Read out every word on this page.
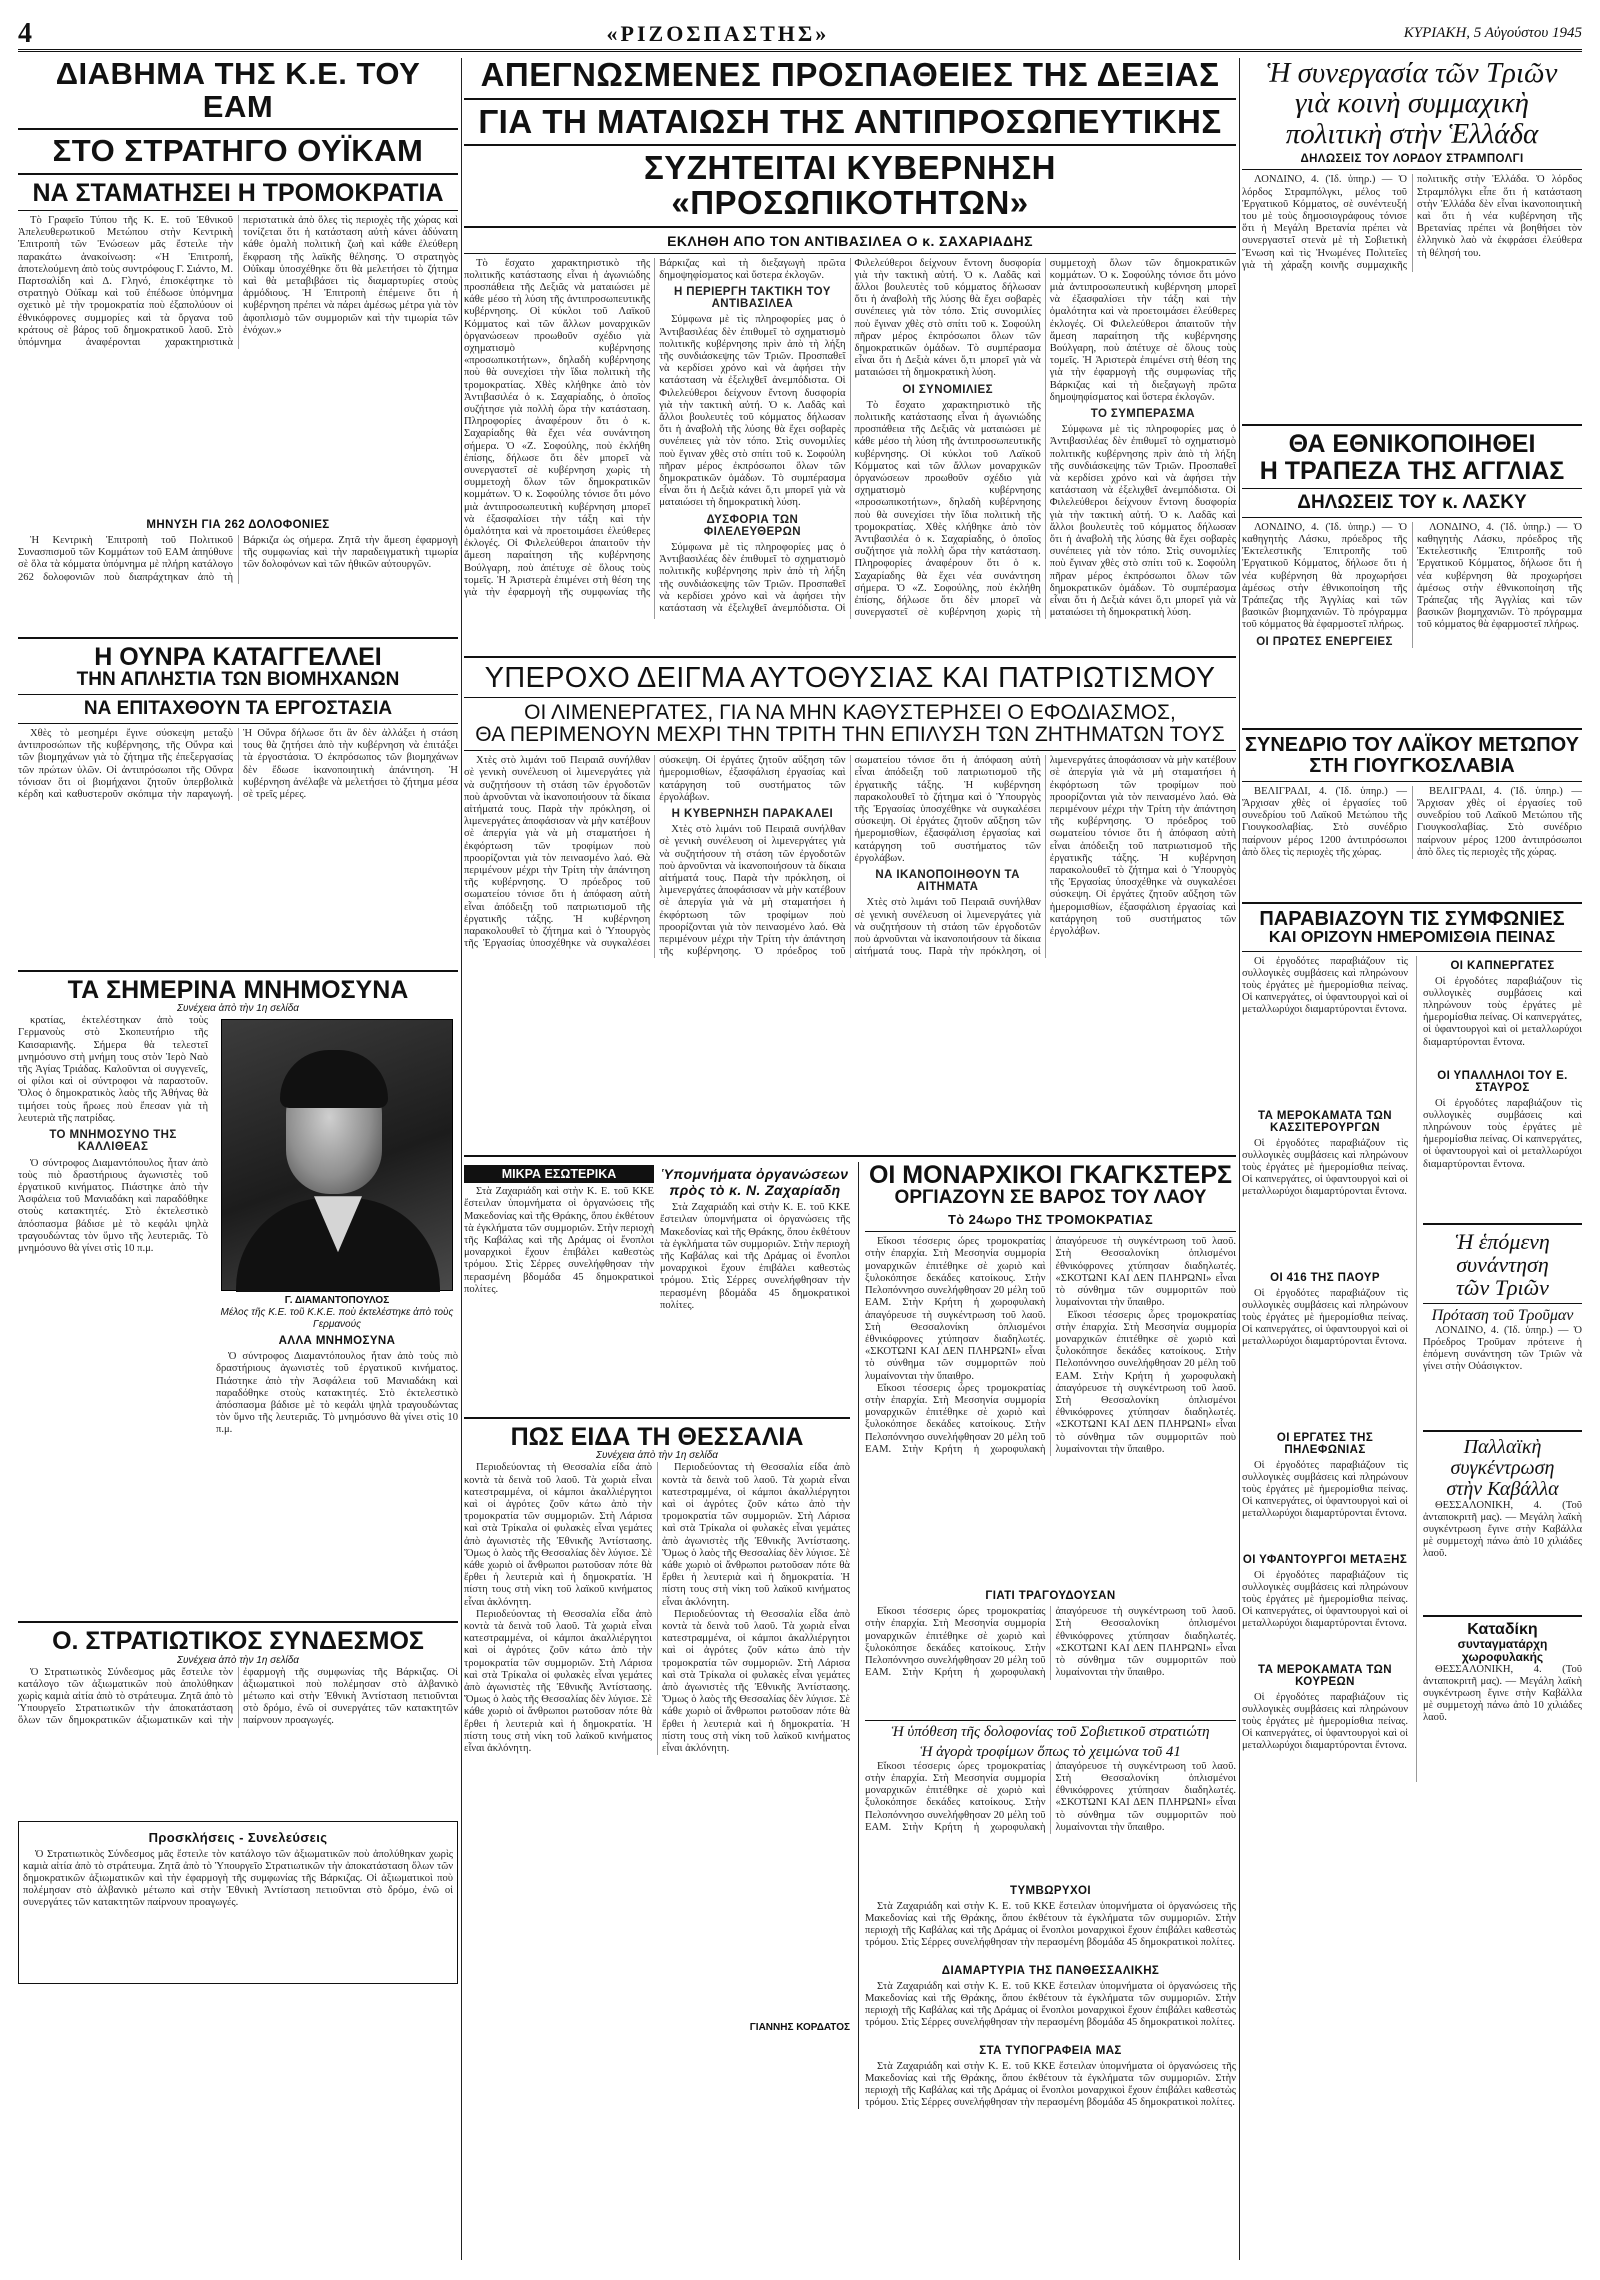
4	«ΡΙΖΟΣΠΑΣΤΗΣ»	ΚΥΡΙΑΚΗ, 5 Αὐγούστου 1945
ΔΙΑΒΗΜΑ ΤΗΣ Κ.Ε. ΤΟΥ ΕΑΜ
ΣΤΟ ΣΤΡΑΤΗΓΟ ΟΥΪΚΑΜ
ΝΑ ΣΤΑΜΑΤΗΣΕΙ Η ΤΡΟΜΟΚΡΑΤΙΑ

Τὸ Γραφεῖο Τύπου τῆς Κ. Ε. τοῦ Ἐθνικοῦ Ἀπελευθερωτικοῦ Μετώπου στὴν Κεντρικὴ Ἐπιτροπὴ τῶν Ἐνώσεων μᾶς ἔστειλε τὴν παρακάτω ἀνακοίνωση: «Ἡ Ἐπιτροπή, ἀποτελούμενη ἀπὸ τοὺς συντρόφους Γ. Σιάντο, Μ. Παρτσαλίδη καὶ Δ. Γληνό, ἐπισκέφτηκε τὸ στρατηγὸ Οὐΐκαμ καὶ τοῦ ἐπέδωσε ὑπόμνημα σχετικὸ μὲ τὴν τρομοκρατία ποὺ ἐξαπολύουν οἱ ἐθνικόφρονες συμμορίες καὶ τὰ ὄργανα τοῦ κράτους σὲ βάρος τοῦ δημοκρατικοῦ λαοῦ. Στὸ ὑπόμνημα ἀναφέρονται χαρακτηριστικὰ περιστατικὰ ἀπὸ ὅλες τὶς περιοχὲς τῆς χώρας καὶ τονίζεται ὅτι ἡ κατάσταση αὐτὴ κάνει ἀδύνατη κάθε ὁμαλὴ πολιτικὴ ζωὴ καὶ κάθε ἐλεύθερη ἔκφραση τῆς λαϊκῆς θέλησης. Ὁ στρατηγὸς Οὐΐκαμ ὑποσχέθηκε ὅτι θὰ μελετήσει τὸ ζήτημα καὶ θὰ μεταβιβάσει τὶς διαμαρτυρίες στοὺς ἁρμόδιους. Ἡ Ἐπιτροπὴ ἐπέμεινε ὅτι ἡ κυβέρνηση πρέπει νὰ πάρει ἀμέσως μέτρα γιὰ τὸν ἀφοπλισμὸ τῶν συμμοριῶν καὶ τὴν τιμωρία τῶν ἐνόχων.»

ΜΗΝΥΣΗ ΓΙΑ 262 ΔΟΛΟΦΟΝΙΕΣ

Ἡ Κεντρικὴ Ἐπιτροπὴ τοῦ Πολιτικοῦ Συνασπισμοῦ τῶν Κομμάτων τοῦ ΕΑΜ ἀπηύθυνε σὲ ὅλα τὰ κόμματα ὑπόμνημα μὲ πλήρη κατάλογο 262 δολοφονιῶν ποὺ διαπράχτηκαν ἀπὸ τὴ Βάρκιζα ὡς σήμερα. Ζητᾶ τὴν ἄμεση ἐφαρμογὴ τῆς συμφωνίας καὶ τὴν παραδειγματικὴ τιμωρία τῶν δολοφόνων καὶ τῶν ἠθικῶν αὐτουργῶν.

Η ΟΥΝΡΑ ΚΑΤΑΓΓΕΛΛΕΙ
ΤΗΝ ΑΠΛΗΣΤΙΑ ΤΩΝ ΒΙΟΜΗΧΑΝΩΝ
ΝΑ ΕΠΙΤΑΧΘΟΥΝ ΤΑ ΕΡΓΟΣΤΑΣΙΑ

Χθὲς τὸ μεσημέρι ἔγινε σύσκεψη μεταξὺ ἀντιπροσώπων τῆς κυβέρνησης, τῆς Οὔνρα καὶ τῶν βιομηχάνων γιὰ τὸ ζήτημα τῆς ἐπεξεργασίας τῶν πρώτων ὑλῶν. Οἱ ἀντιπρόσωποι τῆς Οὔνρα τόνισαν ὅτι οἱ βιομήχανοι ζητοῦν ὑπερβολικὰ κέρδη καὶ καθυστεροῦν σκόπιμα τὴν παραγωγή. Ἡ Οὔνρα δήλωσε ὅτι ἂν δὲν ἀλλάξει ἡ στάση τους θὰ ζητήσει ἀπὸ τὴν κυβέρνηση νὰ ἐπιτάξει τὰ ἐργοστάσια. Ὁ ἐκπρόσωπος τῶν βιομηχάνων δὲν ἔδωσε ἱκανοποιητικὴ ἀπάντηση. Ἡ κυβέρνηση ἀνέλαβε νὰ μελετήσει τὸ ζήτημα μέσα σὲ τρεῖς μέρες.

ΤΑ ΣΗΜΕΡΙΝΑ ΜΝΗΜΟΣΥΝΑ
Συνέχεια ἀπὸ τὴν 1η σελίδα

κρατίας, ἐκτελέστηκαν ἀπὸ τοὺς Γερμανοὺς στὸ Σκοπευτήριο τῆς Καισαριανῆς. Σήμερα θὰ τελεστεῖ μνημόσυνο στὴ μνήμη τους στὸν Ἱερὸ Ναὸ τῆς Ἁγίας Τριάδας. Καλοῦνται οἱ συγγενεῖς, οἱ φίλοι καὶ οἱ σύντροφοι νὰ παραστοῦν. Ὅλος ὁ δημοκρατικὸς λαὸς τῆς Ἀθήνας θὰ τιμήσει τοὺς ἥρωες ποὺ ἔπεσαν γιὰ τὴ λευτεριὰ τῆς πατρίδας.

ΤΟ ΜΝΗΜΟΣΥΝΟ ΤΗΣ ΚΑΛΛΙΘΕΑΣ

Ὁ σύντροφος Διαμαντόπουλος ἦταν ἀπὸ τοὺς πιὸ δραστήριους ἀγωνιστὲς τοῦ ἐργατικοῦ κινήματος. Πιάστηκε ἀπὸ τὴν Ἀσφάλεια τοῦ Μανιαδάκη καὶ παραδόθηκε στοὺς κατακτητές. Στὸ ἐκτελεστικὸ ἀπόσπασμα βάδισε μὲ τὸ κεφάλι ψηλὰ τραγουδώντας τὸν ὕμνο τῆς λευτεριᾶς. Τὸ μνημόσυνο θὰ γίνει στὶς 10 π.μ.

Γ. ΔΙΑΜΑΝΤΟΠΟΥΛΟΣ
Μέλος τῆς Κ.Ε. τοῦ Κ.Κ.Ε. ποὺ ἐκτελέστηκε ἀπὸ τοὺς Γερμανούς
ΑΛΛΑ ΜΝΗΜΟΣΥΝΑ

Ὁ σύντροφος Διαμαντόπουλος ἦταν ἀπὸ τοὺς πιὸ δραστήριους ἀγωνιστὲς τοῦ ἐργατικοῦ κινήματος. Πιάστηκε ἀπὸ τὴν Ἀσφάλεια τοῦ Μανιαδάκη καὶ παραδόθηκε στοὺς κατακτητές. Στὸ ἐκτελεστικὸ ἀπόσπασμα βάδισε μὲ τὸ κεφάλι ψηλὰ τραγουδώντας τὸν ὕμνο τῆς λευτεριᾶς. Τὸ μνημόσυνο θὰ γίνει στὶς 10 π.μ.

Ο. ΣΤΡΑΤΙΩΤΙΚΟΣ ΣΥΝΔΕΣΜΟΣ
Συνέχεια ἀπὸ τὴν 1η σελίδα

Ὁ Στρατιωτικὸς Σύνδεσμος μᾶς ἔστειλε τὸν κατάλογο τῶν ἀξιωματικῶν ποὺ ἀπολύθηκαν χωρὶς καμιὰ αἰτία ἀπὸ τὸ στράτευμα. Ζητᾶ ἀπὸ τὸ Ὑπουργεῖο Στρατιωτικῶν τὴν ἀποκατάσταση ὅλων τῶν δημοκρατικῶν ἀξιωματικῶν καὶ τὴν ἐφαρμογὴ τῆς συμφωνίας τῆς Βάρκιζας. Οἱ ἀξιωματικοὶ ποὺ πολέμησαν στὸ ἀλβανικὸ μέτωπο καὶ στὴν Ἐθνικὴ Ἀντίσταση πετιοῦνται στὸ δρόμο, ἐνῶ οἱ συνεργάτες τῶν κατακτητῶν παίρνουν προαγωγές.

Προσκλήσεις - Συνελεύσεις

Ὁ Στρατιωτικὸς Σύνδεσμος μᾶς ἔστειλε τὸν κατάλογο τῶν ἀξιωματικῶν ποὺ ἀπολύθηκαν χωρὶς καμιὰ αἰτία ἀπὸ τὸ στράτευμα. Ζητᾶ ἀπὸ τὸ Ὑπουργεῖο Στρατιωτικῶν τὴν ἀποκατάσταση ὅλων τῶν δημοκρατικῶν ἀξιωματικῶν καὶ τὴν ἐφαρμογὴ τῆς συμφωνίας τῆς Βάρκιζας. Οἱ ἀξιωματικοὶ ποὺ πολέμησαν στὸ ἀλβανικὸ μέτωπο καὶ στὴν Ἐθνικὴ Ἀντίσταση πετιοῦνται στὸ δρόμο, ἐνῶ οἱ συνεργάτες τῶν κατακτητῶν παίρνουν προαγωγές.

ΑΠΕΓΝΩΣΜΕΝΕΣ ΠΡΟΣΠΑΘΕΙΕΣ ΤΗΣ ΔΕΞΙΑΣ
ΓΙΑ ΤΗ ΜΑΤΑΙΩΣΗ ΤΗΣ ΑΝΤΙΠΡΟΣΩΠΕΥΤΙΚΗΣ
ΣΥΖΗΤΕΙΤΑΙ ΚΥΒΕΡΝΗΣΗ «ΠΡΟΣΩΠΙΚΟΤΗΤΩΝ»
ΕΚΛΗΘΗ ΑΠΟ ΤΟΝ ΑΝΤΙΒΑΣΙΛΕΑ Ο κ. ΣΑΧΑΡΙΑΔΗΣ

Τὸ ἔσχατο χαρακτηριστικὸ τῆς πολιτικῆς κατάστασης εἶναι ἡ ἀγωνιώδης προσπάθεια τῆς Δεξιᾶς νὰ ματαιώσει μὲ κάθε μέσο τὴ λύση τῆς ἀντιπροσωπευτικῆς κυβέρνησης. Οἱ κύκλοι τοῦ Λαϊκοῦ Κόμματος καὶ τῶν ἄλλων μοναρχικῶν ὀργανώσεων προωθοῦν σχέδιο γιὰ σχηματισμὸ κυβέρνησης «προσωπικοτήτων», δηλαδὴ κυβέρνησης ποὺ θὰ συνεχίσει τὴν ἴδια πολιτικὴ τῆς τρομοκρατίας. Χθὲς κλήθηκε ἀπὸ τὸν Ἀντιβασιλέα ὁ κ. Σαχαρίαδης, ὁ ὁποῖος συζήτησε γιὰ πολλὴ ὥρα τὴν κατάσταση. Πληροφορίες ἀναφέρουν ὅτι ὁ κ. Σαχαρίαδης θὰ ἔχει νέα συνάντηση σήμερα. Ὁ «Ζ. Σοφούλης, ποὺ ἐκλήθη ἐπίσης, δήλωσε ὅτι δὲν μπορεῖ νὰ συνεργαστεῖ σὲ κυβέρνηση χωρὶς τὴ συμμετοχὴ ὅλων τῶν δημοκρατικῶν κομμάτων. Ὁ κ. Σοφούλης τόνισε ὅτι μόνο μιὰ ἀντιπροσωπευτικὴ κυβέρνηση μπορεῖ νὰ ἐξασφαλίσει τὴν τάξη καὶ τὴν ὁμαλότητα καὶ νὰ προετοιμάσει ἐλεύθερες ἐκλογές. Οἱ Φιλελεύθεροι ἀπαιτοῦν τὴν ἄμεση παραίτηση τῆς κυβέρνησης Βούλγαρη, ποὺ ἀπέτυχε σὲ ὅλους τοὺς τομεῖς. Ἡ Ἀριστερὰ ἐπιμένει στὴ θέση της γιὰ τὴν ἐφαρμογὴ τῆς συμφωνίας τῆς Βάρκιζας καὶ τὴ διεξαγωγὴ πρῶτα δημοψηφίσματος καὶ ὕστερα ἐκλογῶν.

Η ΠΕΡΙΕΡΓΗ ΤΑΚΤΙΚΗ ΤΟΥ ΑΝΤΙΒΑΣΙΛΕΑ

Σύμφωνα μὲ τὶς πληροφορίες μας ὁ Ἀντιβασιλέας δὲν ἐπιθυμεῖ τὸ σχηματισμὸ πολιτικῆς κυβέρνησης πρὶν ἀπὸ τὴ λήξη τῆς συνδιάσκεψης τῶν Τριῶν. Προσπαθεῖ νὰ κερδίσει χρόνο καὶ νὰ ἀφήσει τὴν κατάσταση νὰ ἐξελιχθεῖ ἀνεμπόδιστα. Οἱ Φιλελεύθεροι δείχνουν ἔντονη δυσφορία γιὰ τὴν τακτικὴ αὐτή. Ὁ κ. Λαδᾶς καὶ ἄλλοι βουλευτὲς τοῦ κόμματος δήλωσαν ὅτι ἡ ἀναβολὴ τῆς λύσης θὰ ἔχει σοβαρὲς συνέπειες γιὰ τὸν τόπο. Στὶς συνομιλίες ποὺ ἔγιναν χθὲς στὸ σπίτι τοῦ κ. Σοφούλη πῆραν μέρος ἐκπρόσωποι ὅλων τῶν δημοκρατικῶν ὁμάδων. Τὸ συμπέρασμα εἶναι ὅτι ἡ Δεξιὰ κάνει ὅ,τι μπορεῖ γιὰ νὰ ματαιώσει τὴ δημοκρατικὴ λύση.

ΔΥΣΦΟΡΙΑ ΤΩΝ ΦΙΛΕΛΕΥΘΕΡΩΝ

Σύμφωνα μὲ τὶς πληροφορίες μας ὁ Ἀντιβασιλέας δὲν ἐπιθυμεῖ τὸ σχηματισμὸ πολιτικῆς κυβέρνησης πρὶν ἀπὸ τὴ λήξη τῆς συνδιάσκεψης τῶν Τριῶν. Προσπαθεῖ νὰ κερδίσει χρόνο καὶ νὰ ἀφήσει τὴν κατάσταση νὰ ἐξελιχθεῖ ἀνεμπόδιστα. Οἱ Φιλελεύθεροι δείχνουν ἔντονη δυσφορία γιὰ τὴν τακτικὴ αὐτή. Ὁ κ. Λαδᾶς καὶ ἄλλοι βουλευτὲς τοῦ κόμματος δήλωσαν ὅτι ἡ ἀναβολὴ τῆς λύσης θὰ ἔχει σοβαρὲς συνέπειες γιὰ τὸν τόπο. Στὶς συνομιλίες ποὺ ἔγιναν χθὲς στὸ σπίτι τοῦ κ. Σοφούλη πῆραν μέρος ἐκπρόσωποι ὅλων τῶν δημοκρατικῶν ὁμάδων. Τὸ συμπέρασμα εἶναι ὅτι ἡ Δεξιὰ κάνει ὅ,τι μπορεῖ γιὰ νὰ ματαιώσει τὴ δημοκρατικὴ λύση.

ΟΙ ΣΥΝΟΜΙΛΙΕΣ

Τὸ ἔσχατο χαρακτηριστικὸ τῆς πολιτικῆς κατάστασης εἶναι ἡ ἀγωνιώδης προσπάθεια τῆς Δεξιᾶς νὰ ματαιώσει μὲ κάθε μέσο τὴ λύση τῆς ἀντιπροσωπευτικῆς κυβέρνησης. Οἱ κύκλοι τοῦ Λαϊκοῦ Κόμματος καὶ τῶν ἄλλων μοναρχικῶν ὀργανώσεων προωθοῦν σχέδιο γιὰ σχηματισμὸ κυβέρνησης «προσωπικοτήτων», δηλαδὴ κυβέρνησης ποὺ θὰ συνεχίσει τὴν ἴδια πολιτικὴ τῆς τρομοκρατίας. Χθὲς κλήθηκε ἀπὸ τὸν Ἀντιβασιλέα ὁ κ. Σαχαρίαδης, ὁ ὁποῖος συζήτησε γιὰ πολλὴ ὥρα τὴν κατάσταση. Πληροφορίες ἀναφέρουν ὅτι ὁ κ. Σαχαρίαδης θὰ ἔχει νέα συνάντηση σήμερα. Ὁ «Ζ. Σοφούλης, ποὺ ἐκλήθη ἐπίσης, δήλωσε ὅτι δὲν μπορεῖ νὰ συνεργαστεῖ σὲ κυβέρνηση χωρὶς τὴ συμμετοχὴ ὅλων τῶν δημοκρατικῶν κομμάτων. Ὁ κ. Σοφούλης τόνισε ὅτι μόνο μιὰ ἀντιπροσωπευτικὴ κυβέρνηση μπορεῖ νὰ ἐξασφαλίσει τὴν τάξη καὶ τὴν ὁμαλότητα καὶ νὰ προετοιμάσει ἐλεύθερες ἐκλογές. Οἱ Φιλελεύθεροι ἀπαιτοῦν τὴν ἄμεση παραίτηση τῆς κυβέρνησης Βούλγαρη, ποὺ ἀπέτυχε σὲ ὅλους τοὺς τομεῖς. Ἡ Ἀριστερὰ ἐπιμένει στὴ θέση της γιὰ τὴν ἐφαρμογὴ τῆς συμφωνίας τῆς Βάρκιζας καὶ τὴ διεξαγωγὴ πρῶτα δημοψηφίσματος καὶ ὕστερα ἐκλογῶν.

ΤΟ ΣΥΜΠΕΡΑΣΜΑ

Σύμφωνα μὲ τὶς πληροφορίες μας ὁ Ἀντιβασιλέας δὲν ἐπιθυμεῖ τὸ σχηματισμὸ πολιτικῆς κυβέρνησης πρὶν ἀπὸ τὴ λήξη τῆς συνδιάσκεψης τῶν Τριῶν. Προσπαθεῖ νὰ κερδίσει χρόνο καὶ νὰ ἀφήσει τὴν κατάσταση νὰ ἐξελιχθεῖ ἀνεμπόδιστα. Οἱ Φιλελεύθεροι δείχνουν ἔντονη δυσφορία γιὰ τὴν τακτικὴ αὐτή. Ὁ κ. Λαδᾶς καὶ ἄλλοι βουλευτὲς τοῦ κόμματος δήλωσαν ὅτι ἡ ἀναβολὴ τῆς λύσης θὰ ἔχει σοβαρὲς συνέπειες γιὰ τὸν τόπο. Στὶς συνομιλίες ποὺ ἔγιναν χθὲς στὸ σπίτι τοῦ κ. Σοφούλη πῆραν μέρος ἐκπρόσωποι ὅλων τῶν δημοκρατικῶν ὁμάδων. Τὸ συμπέρασμα εἶναι ὅτι ἡ Δεξιὰ κάνει ὅ,τι μπορεῖ γιὰ νὰ ματαιώσει τὴ δημοκρατικὴ λύση.

ΥΠΕΡΟΧΟ ΔΕΙΓΜΑ ΑΥΤΟΘΥΣΙΑΣ ΚΑΙ ΠΑΤΡΙΩΤΙΣΜΟΥ
ΟΙ ΛΙΜΕΝΕΡΓΑΤΕΣ, ΓΙΑ ΝΑ ΜΗΝ ΚΑΘΥΣΤΕΡΗΣΕΙ Ο ΕΦΟΔΙΑΣΜΟΣ,
ΘΑ ΠΕΡΙΜΕΝΟΥΝ ΜΕΧΡΙ ΤΗΝ ΤΡΙΤΗ ΤΗΝ ΕΠΙΛΥΣΗ ΤΩΝ ΖΗΤΗΜΑΤΩΝ ΤΟΥΣ

Χτὲς στὸ λιμάνι τοῦ Πειραιᾶ συνήλθαν σὲ γενικὴ συνέλευση οἱ λιμενεργάτες γιὰ νὰ συζητήσουν τὴ στάση τῶν ἐργοδοτῶν ποὺ ἀρνοῦνται νὰ ἱκανοποιήσουν τὰ δίκαια αἰτήματά τους. Παρὰ τὴν πρόκληση, οἱ λιμενεργάτες ἀποφάσισαν νὰ μὴν κατέβουν σὲ ἀπεργία γιὰ νὰ μὴ σταματήσει ἡ ἐκφόρτωση τῶν τροφίμων ποὺ προορίζονται γιὰ τὸν πεινασμένο λαό. Θὰ περιμένουν μέχρι τὴν Τρίτη τὴν ἀπάντηση τῆς κυβέρνησης. Ὁ πρόεδρος τοῦ σωματείου τόνισε ὅτι ἡ ἀπόφαση αὐτὴ εἶναι ἀπόδειξη τοῦ πατριωτισμοῦ τῆς ἐργατικῆς τάξης. Ἡ κυβέρνηση παρακολουθεῖ τὸ ζήτημα καὶ ὁ Ὑπουργὸς τῆς Ἐργασίας ὑποσχέθηκε νὰ συγκαλέσει σύσκεψη. Οἱ ἐργάτες ζητοῦν αὔξηση τῶν ἡμερομισθίων, ἐξασφάλιση ἐργασίας καὶ κατάργηση τοῦ συστήματος τῶν ἐργολάβων.

Η ΚΥΒΕΡΝΗΣΗ ΠΑΡΑΚΑΛΕΙ

Χτὲς στὸ λιμάνι τοῦ Πειραιᾶ συνήλθαν σὲ γενικὴ συνέλευση οἱ λιμενεργάτες γιὰ νὰ συζητήσουν τὴ στάση τῶν ἐργοδοτῶν ποὺ ἀρνοῦνται νὰ ἱκανοποιήσουν τὰ δίκαια αἰτήματά τους. Παρὰ τὴν πρόκληση, οἱ λιμενεργάτες ἀποφάσισαν νὰ μὴν κατέβουν σὲ ἀπεργία γιὰ νὰ μὴ σταματήσει ἡ ἐκφόρτωση τῶν τροφίμων ποὺ προορίζονται γιὰ τὸν πεινασμένο λαό. Θὰ περιμένουν μέχρι τὴν Τρίτη τὴν ἀπάντηση τῆς κυβέρνησης. Ὁ πρόεδρος τοῦ σωματείου τόνισε ὅτι ἡ ἀπόφαση αὐτὴ εἶναι ἀπόδειξη τοῦ πατριωτισμοῦ τῆς ἐργατικῆς τάξης. Ἡ κυβέρνηση παρακολουθεῖ τὸ ζήτημα καὶ ὁ Ὑπουργὸς τῆς Ἐργασίας ὑποσχέθηκε νὰ συγκαλέσει σύσκεψη. Οἱ ἐργάτες ζητοῦν αὔξηση τῶν ἡμερομισθίων, ἐξασφάλιση ἐργασίας καὶ κατάργηση τοῦ συστήματος τῶν ἐργολάβων.

ΝΑ ΙΚΑΝΟΠΟΙΗΘΟΥΝ ΤΑ ΑΙΤΗΜΑΤΑ

Χτὲς στὸ λιμάνι τοῦ Πειραιᾶ συνήλθαν σὲ γενικὴ συνέλευση οἱ λιμενεργάτες γιὰ νὰ συζητήσουν τὴ στάση τῶν ἐργοδοτῶν ποὺ ἀρνοῦνται νὰ ἱκανοποιήσουν τὰ δίκαια αἰτήματά τους. Παρὰ τὴν πρόκληση, οἱ λιμενεργάτες ἀποφάσισαν νὰ μὴν κατέβουν σὲ ἀπεργία γιὰ νὰ μὴ σταματήσει ἡ ἐκφόρτωση τῶν τροφίμων ποὺ προορίζονται γιὰ τὸν πεινασμένο λαό. Θὰ περιμένουν μέχρι τὴν Τρίτη τὴν ἀπάντηση τῆς κυβέρνησης. Ὁ πρόεδρος τοῦ σωματείου τόνισε ὅτι ἡ ἀπόφαση αὐτὴ εἶναι ἀπόδειξη τοῦ πατριωτισμοῦ τῆς ἐργατικῆς τάξης. Ἡ κυβέρνηση παρακολουθεῖ τὸ ζήτημα καὶ ὁ Ὑπουργὸς τῆς Ἐργασίας ὑποσχέθηκε νὰ συγκαλέσει σύσκεψη. Οἱ ἐργάτες ζητοῦν αὔξηση τῶν ἡμερομισθίων, ἐξασφάλιση ἐργασίας καὶ κατάργηση τοῦ συστήματος τῶν ἐργολάβων.

ΜΙΚΡΑ ΕΣΩΤΕΡΙΚΑ

Στὰ Ζαχαριάδη καὶ στὴν Κ. Ε. τοῦ ΚΚΕ ἔστειλαν ὑπομνήματα οἱ ὀργανώσεις τῆς Μακεδονίας καὶ τῆς Θράκης, ὅπου ἐκθέτουν τὰ ἐγκλήματα τῶν συμμοριῶν. Στὴν περιοχὴ τῆς Καβάλας καὶ τῆς Δράμας οἱ ἔνοπλοι μοναρχικοὶ ἔχουν ἐπιβάλει καθεστὼς τρόμου. Στὶς Σέρρες συνελήφθησαν τὴν περασμένη βδομάδα 45 δημοκρατικοὶ πολίτες.

Ὑπομνήματα ὀργανώσεων πρὸς τὸ κ. Ν. Ζαχαρίαδη

Στὰ Ζαχαριάδη καὶ στὴν Κ. Ε. τοῦ ΚΚΕ ἔστειλαν ὑπομνήματα οἱ ὀργανώσεις τῆς Μακεδονίας καὶ τῆς Θράκης, ὅπου ἐκθέτουν τὰ ἐγκλήματα τῶν συμμοριῶν. Στὴν περιοχὴ τῆς Καβάλας καὶ τῆς Δράμας οἱ ἔνοπλοι μοναρχικοὶ ἔχουν ἐπιβάλει καθεστὼς τρόμου. Στὶς Σέρρες συνελήφθησαν τὴν περασμένη βδομάδα 45 δημοκρατικοὶ πολίτες.

ΠΩΣ ΕΙΔΑ ΤΗ ΘΕΣΣΑΛΙΑ
Συνέχεια ἀπὸ τὴν 1η σελίδα

Περιοδεύοντας τὴ Θεσσαλία εἶδα ἀπὸ κοντὰ τὰ δεινὰ τοῦ λαοῦ. Τὰ χωριὰ εἶναι κατεστραμμένα, οἱ κάμποι ἀκαλλιέργητοι καὶ οἱ ἀγρότες ζοῦν κάτω ἀπὸ τὴν τρομοκρατία τῶν συμμοριῶν. Στὴ Λάρισα καὶ στὰ Τρίκαλα οἱ φυλακὲς εἶναι γεμάτες ἀπὸ ἀγωνιστὲς τῆς Ἐθνικῆς Ἀντίστασης. Ὅμως ὁ λαὸς τῆς Θεσσαλίας δὲν λύγισε. Σὲ κάθε χωριὸ οἱ ἄνθρωποι ρωτοῦσαν πότε θὰ ἔρθει ἡ λευτεριὰ καὶ ἡ δημοκρατία. Ἡ πίστη τους στὴ νίκη τοῦ λαϊκοῦ κινήματος εἶναι ἀκλόνητη.

Περιοδεύοντας τὴ Θεσσαλία εἶδα ἀπὸ κοντὰ τὰ δεινὰ τοῦ λαοῦ. Τὰ χωριὰ εἶναι κατεστραμμένα, οἱ κάμποι ἀκαλλιέργητοι καὶ οἱ ἀγρότες ζοῦν κάτω ἀπὸ τὴν τρομοκρατία τῶν συμμοριῶν. Στὴ Λάρισα καὶ στὰ Τρίκαλα οἱ φυλακὲς εἶναι γεμάτες ἀπὸ ἀγωνιστὲς τῆς Ἐθνικῆς Ἀντίστασης. Ὅμως ὁ λαὸς τῆς Θεσσαλίας δὲν λύγισε. Σὲ κάθε χωριὸ οἱ ἄνθρωποι ρωτοῦσαν πότε θὰ ἔρθει ἡ λευτεριὰ καὶ ἡ δημοκρατία. Ἡ πίστη τους στὴ νίκη τοῦ λαϊκοῦ κινήματος εἶναι ἀκλόνητη.

Περιοδεύοντας τὴ Θεσσαλία εἶδα ἀπὸ κοντὰ τὰ δεινὰ τοῦ λαοῦ. Τὰ χωριὰ εἶναι κατεστραμμένα, οἱ κάμποι ἀκαλλιέργητοι καὶ οἱ ἀγρότες ζοῦν κάτω ἀπὸ τὴν τρομοκρατία τῶν συμμοριῶν. Στὴ Λάρισα καὶ στὰ Τρίκαλα οἱ φυλακὲς εἶναι γεμάτες ἀπὸ ἀγωνιστὲς τῆς Ἐθνικῆς Ἀντίστασης. Ὅμως ὁ λαὸς τῆς Θεσσαλίας δὲν λύγισε. Σὲ κάθε χωριὸ οἱ ἄνθρωποι ρωτοῦσαν πότε θὰ ἔρθει ἡ λευτεριὰ καὶ ἡ δημοκρατία. Ἡ πίστη τους στὴ νίκη τοῦ λαϊκοῦ κινήματος εἶναι ἀκλόνητη.

Περιοδεύοντας τὴ Θεσσαλία εἶδα ἀπὸ κοντὰ τὰ δεινὰ τοῦ λαοῦ. Τὰ χωριὰ εἶναι κατεστραμμένα, οἱ κάμποι ἀκαλλιέργητοι καὶ οἱ ἀγρότες ζοῦν κάτω ἀπὸ τὴν τρομοκρατία τῶν συμμοριῶν. Στὴ Λάρισα καὶ στὰ Τρίκαλα οἱ φυλακὲς εἶναι γεμάτες ἀπὸ ἀγωνιστὲς τῆς Ἐθνικῆς Ἀντίστασης. Ὅμως ὁ λαὸς τῆς Θεσσαλίας δὲν λύγισε. Σὲ κάθε χωριὸ οἱ ἄνθρωποι ρωτοῦσαν πότε θὰ ἔρθει ἡ λευτεριὰ καὶ ἡ δημοκρατία. Ἡ πίστη τους στὴ νίκη τοῦ λαϊκοῦ κινήματος εἶναι ἀκλόνητη.

ΓΙΑΝΝΗΣ ΚΟΡΔΑΤΟΣ
ΟΙ ΜΟΝΑΡΧΙΚΟΙ ΓΚΑΓΚΣΤΕΡΣ
ΟΡΓΙΑΖΟΥΝ ΣΕ ΒΑΡΟΣ ΤΟΥ ΛΑΟΥ
Τὸ 24ωρο ΤΗΣ ΤΡΟΜΟΚΡΑΤΙΑΣ

Εἴκοσι τέσσερις ὧρες τρομοκρατίας στὴν ἐπαρχία. Στὴ Μεσσηνία συμμορία μοναρχικῶν ἐπιτέθηκε σὲ χωριὸ καὶ ξυλοκόπησε δεκάδες κατοίκους. Στὴν Πελοπόννησο συνελήφθησαν 20 μέλη τοῦ ΕΑΜ. Στὴν Κρήτη ἡ χωροφυλακὴ ἀπαγόρευσε τὴ συγκέντρωση τοῦ λαοῦ. Στὴ Θεσσαλονίκη ὁπλισμένοι ἐθνικόφρονες χτύπησαν διαδηλωτές. «ΣΚΟΤΩΝΙ ΚΑΙ ΔΕΝ ΠΛΗΡΩΝΙ» εἶναι τὸ σύνθημα τῶν συμμοριτῶν ποὺ λυμαίνονται τὴν ὕπαιθρο.

Εἴκοσι τέσσερις ὧρες τρομοκρατίας στὴν ἐπαρχία. Στὴ Μεσσηνία συμμορία μοναρχικῶν ἐπιτέθηκε σὲ χωριὸ καὶ ξυλοκόπησε δεκάδες κατοίκους. Στὴν Πελοπόννησο συνελήφθησαν 20 μέλη τοῦ ΕΑΜ. Στὴν Κρήτη ἡ χωροφυλακὴ ἀπαγόρευσε τὴ συγκέντρωση τοῦ λαοῦ. Στὴ Θεσσαλονίκη ὁπλισμένοι ἐθνικόφρονες χτύπησαν διαδηλωτές. «ΣΚΟΤΩΝΙ ΚΑΙ ΔΕΝ ΠΛΗΡΩΝΙ» εἶναι τὸ σύνθημα τῶν συμμοριτῶν ποὺ λυμαίνονται τὴν ὕπαιθρο.

Εἴκοσι τέσσερις ὧρες τρομοκρατίας στὴν ἐπαρχία. Στὴ Μεσσηνία συμμορία μοναρχικῶν ἐπιτέθηκε σὲ χωριὸ καὶ ξυλοκόπησε δεκάδες κατοίκους. Στὴν Πελοπόννησο συνελήφθησαν 20 μέλη τοῦ ΕΑΜ. Στὴν Κρήτη ἡ χωροφυλακὴ ἀπαγόρευσε τὴ συγκέντρωση τοῦ λαοῦ. Στὴ Θεσσαλονίκη ὁπλισμένοι ἐθνικόφρονες χτύπησαν διαδηλωτές. «ΣΚΟΤΩΝΙ ΚΑΙ ΔΕΝ ΠΛΗΡΩΝΙ» εἶναι τὸ σύνθημα τῶν συμμοριτῶν ποὺ λυμαίνονται τὴν ὕπαιθρο.

ΓΙΑΤΙ ΤΡΑΓΟΥΔΟΥΣΑΝ

Εἴκοσι τέσσερις ὧρες τρομοκρατίας στὴν ἐπαρχία. Στὴ Μεσσηνία συμμορία μοναρχικῶν ἐπιτέθηκε σὲ χωριὸ καὶ ξυλοκόπησε δεκάδες κατοίκους. Στὴν Πελοπόννησο συνελήφθησαν 20 μέλη τοῦ ΕΑΜ. Στὴν Κρήτη ἡ χωροφυλακὴ ἀπαγόρευσε τὴ συγκέντρωση τοῦ λαοῦ. Στὴ Θεσσαλονίκη ὁπλισμένοι ἐθνικόφρονες χτύπησαν διαδηλωτές. «ΣΚΟΤΩΝΙ ΚΑΙ ΔΕΝ ΠΛΗΡΩΝΙ» εἶναι τὸ σύνθημα τῶν συμμοριτῶν ποὺ λυμαίνονται τὴν ὕπαιθρο.

Ἡ ὑπόθεση τῆς δολοφονίας τοῦ Σοβιετικοῦ στρατιώτη
Ἡ ἀγορὰ τροφίμων ὅπως τὸ χειμώνα τοῦ 41

Εἴκοσι τέσσερις ὧρες τρομοκρατίας στὴν ἐπαρχία. Στὴ Μεσσηνία συμμορία μοναρχικῶν ἐπιτέθηκε σὲ χωριὸ καὶ ξυλοκόπησε δεκάδες κατοίκους. Στὴν Πελοπόννησο συνελήφθησαν 20 μέλη τοῦ ΕΑΜ. Στὴν Κρήτη ἡ χωροφυλακὴ ἀπαγόρευσε τὴ συγκέντρωση τοῦ λαοῦ. Στὴ Θεσσαλονίκη ὁπλισμένοι ἐθνικόφρονες χτύπησαν διαδηλωτές. «ΣΚΟΤΩΝΙ ΚΑΙ ΔΕΝ ΠΛΗΡΩΝΙ» εἶναι τὸ σύνθημα τῶν συμμοριτῶν ποὺ λυμαίνονται τὴν ὕπαιθρο.

ΤΥΜΒΩΡΥΧΟΙ

Στὰ Ζαχαριάδη καὶ στὴν Κ. Ε. τοῦ ΚΚΕ ἔστειλαν ὑπομνήματα οἱ ὀργανώσεις τῆς Μακεδονίας καὶ τῆς Θράκης, ὅπου ἐκθέτουν τὰ ἐγκλήματα τῶν συμμοριῶν. Στὴν περιοχὴ τῆς Καβάλας καὶ τῆς Δράμας οἱ ἔνοπλοι μοναρχικοὶ ἔχουν ἐπιβάλει καθεστὼς τρόμου. Στὶς Σέρρες συνελήφθησαν τὴν περασμένη βδομάδα 45 δημοκρατικοὶ πολίτες.

ΔΙΑΜΑΡΤΥΡΙΑ ΤΗΣ ΠΑΝΘΕΣΣΑΛΙΚΗΣ

Στὰ Ζαχαριάδη καὶ στὴν Κ. Ε. τοῦ ΚΚΕ ἔστειλαν ὑπομνήματα οἱ ὀργανώσεις τῆς Μακεδονίας καὶ τῆς Θράκης, ὅπου ἐκθέτουν τὰ ἐγκλήματα τῶν συμμοριῶν. Στὴν περιοχὴ τῆς Καβάλας καὶ τῆς Δράμας οἱ ἔνοπλοι μοναρχικοὶ ἔχουν ἐπιβάλει καθεστὼς τρόμου. Στὶς Σέρρες συνελήφθησαν τὴν περασμένη βδομάδα 45 δημοκρατικοὶ πολίτες.

ΣΤΑ ΤΥΠΟΓΡΑΦΕΙΑ ΜΑΣ

Στὰ Ζαχαριάδη καὶ στὴν Κ. Ε. τοῦ ΚΚΕ ἔστειλαν ὑπομνήματα οἱ ὀργανώσεις τῆς Μακεδονίας καὶ τῆς Θράκης, ὅπου ἐκθέτουν τὰ ἐγκλήματα τῶν συμμοριῶν. Στὴν περιοχὴ τῆς Καβάλας καὶ τῆς Δράμας οἱ ἔνοπλοι μοναρχικοὶ ἔχουν ἐπιβάλει καθεστὼς τρόμου. Στὶς Σέρρες συνελήφθησαν τὴν περασμένη βδομάδα 45 δημοκρατικοὶ πολίτες.

Ἡ συνεργασία τῶν Τριῶν
γιὰ κοινὴ συμμαχικὴ
πολιτικὴ στὴν Ἑλλάδα
ΔΗΛΩΣΕΙΣ ΤΟΥ ΛΟΡΔΟΥ ΣΤΡΑΜΠΟΛΓΙ

ΛΟΝΔΙΝΟ, 4. (Ἰδ. ὑπηρ.) — Ὁ λόρδος Στραμπόλγκι, μέλος τοῦ Ἐργατικοῦ Κόμματος, σὲ συνέντευξή του μὲ τοὺς δημοσιογράφους τόνισε ὅτι ἡ Μεγάλη Βρετανία πρέπει νὰ συνεργαστεῖ στενὰ μὲ τὴ Σοβιετικὴ Ἕνωση καὶ τὶς Ἡνωμένες Πολιτεῖες γιὰ τὴ χάραξη κοινῆς συμμαχικῆς πολιτικῆς στὴν Ἑλλάδα. Ὁ λόρδος Στραμπόλγκι εἶπε ὅτι ἡ κατάσταση στὴν Ἑλλάδα δὲν εἶναι ἱκανοποιητικὴ καὶ ὅτι ἡ νέα κυβέρνηση τῆς Βρετανίας πρέπει νὰ βοηθήσει τὸν ἑλληνικὸ λαὸ νὰ ἐκφράσει ἐλεύθερα τὴ θέλησή του.

ΘΑ ΕΘΝΙΚΟΠΟΙΗΘΕΙ
Η ΤΡΑΠΕΖΑ ΤΗΣ ΑΓΓΛΙΑΣ
ΔΗΛΩΣΕΙΣ ΤΟΥ κ. ΛΑΣΚΥ

ΛΟΝΔΙΝΟ, 4. (Ἰδ. ὑπηρ.) — Ὁ καθηγητὴς Λάσκυ, πρόεδρος τῆς Ἐκτελεστικῆς Ἐπιτροπῆς τοῦ Ἐργατικοῦ Κόμματος, δήλωσε ὅτι ἡ νέα κυβέρνηση θὰ προχωρήσει ἀμέσως στὴν ἐθνικοποίηση τῆς Τράπεζας τῆς Ἀγγλίας καὶ τῶν βασικῶν βιομηχανιῶν. Τὸ πρόγραμμα τοῦ κόμματος θὰ ἐφαρμοστεῖ πλήρως.

ΟΙ ΠΡΩΤΕΣ ΕΝΕΡΓΕΙΕΣ

ΛΟΝΔΙΝΟ, 4. (Ἰδ. ὑπηρ.) — Ὁ καθηγητὴς Λάσκυ, πρόεδρος τῆς Ἐκτελεστικῆς Ἐπιτροπῆς τοῦ Ἐργατικοῦ Κόμματος, δήλωσε ὅτι ἡ νέα κυβέρνηση θὰ προχωρήσει ἀμέσως στὴν ἐθνικοποίηση τῆς Τράπεζας τῆς Ἀγγλίας καὶ τῶν βασικῶν βιομηχανιῶν. Τὸ πρόγραμμα τοῦ κόμματος θὰ ἐφαρμοστεῖ πλήρως.

ΣΥΝΕΔΡΙΟ ΤΟΥ ΛΑΪΚΟΥ ΜΕΤΩΠΟΥ
ΣΤΗ ΓΙΟΥΓΚΟΣΛΑΒΙΑ

ΒΕΛΙΓΡΑΔΙ, 4. (Ἰδ. ὑπηρ.) — Ἄρχισαν χθὲς οἱ ἐργασίες τοῦ συνεδρίου τοῦ Λαϊκοῦ Μετώπου τῆς Γιουγκοσλαβίας. Στὸ συνέδριο παίρνουν μέρος 1200 ἀντιπρόσωποι ἀπὸ ὅλες τὶς περιοχὲς τῆς χώρας.

ΒΕΛΙΓΡΑΔΙ, 4. (Ἰδ. ὑπηρ.) — Ἄρχισαν χθὲς οἱ ἐργασίες τοῦ συνεδρίου τοῦ Λαϊκοῦ Μετώπου τῆς Γιουγκοσλαβίας. Στὸ συνέδριο παίρνουν μέρος 1200 ἀντιπρόσωποι ἀπὸ ὅλες τὶς περιοχὲς τῆς χώρας.

ΠΑΡΑΒΙΑΖΟΥΝ ΤΙΣ ΣΥΜΦΩΝΙΕΣ
ΚΑΙ ΟΡΙΖΟΥΝ ΗΜΕΡΟΜΙΣΘΙΑ ΠΕΙΝΑΣ

Οἱ ἐργοδότες παραβιάζουν τὶς συλλογικὲς συμβάσεις καὶ πληρώνουν τοὺς ἐργάτες μὲ ἡμερομίσθια πείνας. Οἱ καπνεργάτες, οἱ ὑφαντουργοὶ καὶ οἱ μεταλλωρύχοι διαμαρτύρονται ἔντονα.

ΤΑ ΜΕΡΟΚΑΜΑΤΑ ΤΩΝ ΚΑΣΣΙΤΕΡΟΥΡΓΩΝ

Οἱ ἐργοδότες παραβιάζουν τὶς συλλογικὲς συμβάσεις καὶ πληρώνουν τοὺς ἐργάτες μὲ ἡμερομίσθια πείνας. Οἱ καπνεργάτες, οἱ ὑφαντουργοὶ καὶ οἱ μεταλλωρύχοι διαμαρτύρονται ἔντονα.

ΟΙ 416 ΤΗΣ ΠΑΟΥΡ

Οἱ ἐργοδότες παραβιάζουν τὶς συλλογικὲς συμβάσεις καὶ πληρώνουν τοὺς ἐργάτες μὲ ἡμερομίσθια πείνας. Οἱ καπνεργάτες, οἱ ὑφαντουργοὶ καὶ οἱ μεταλλωρύχοι διαμαρτύρονται ἔντονα.

ΟΙ ΕΡΓΑΤΕΣ ΤΗΣ ΠΗΛΕΦΩΝΙΑΣ

Οἱ ἐργοδότες παραβιάζουν τὶς συλλογικὲς συμβάσεις καὶ πληρώνουν τοὺς ἐργάτες μὲ ἡμερομίσθια πείνας. Οἱ καπνεργάτες, οἱ ὑφαντουργοὶ καὶ οἱ μεταλλωρύχοι διαμαρτύρονται ἔντονα.

ΟΙ ΥΦΑΝΤΟΥΡΓΟΙ ΜΕΤΑΞΗΣ

Οἱ ἐργοδότες παραβιάζουν τὶς συλλογικὲς συμβάσεις καὶ πληρώνουν τοὺς ἐργάτες μὲ ἡμερομίσθια πείνας. Οἱ καπνεργάτες, οἱ ὑφαντουργοὶ καὶ οἱ μεταλλωρύχοι διαμαρτύρονται ἔντονα.

ΤΑ ΜΕΡΟΚΑΜΑΤΑ ΤΩΝ ΚΟΥΡΕΩΝ

Οἱ ἐργοδότες παραβιάζουν τὶς συλλογικὲς συμβάσεις καὶ πληρώνουν τοὺς ἐργάτες μὲ ἡμερομίσθια πείνας. Οἱ καπνεργάτες, οἱ ὑφαντουργοὶ καὶ οἱ μεταλλωρύχοι διαμαρτύρονται ἔντονα.

ΟΙ ΚΑΠΝΕΡΓΑΤΕΣ

Οἱ ἐργοδότες παραβιάζουν τὶς συλλογικὲς συμβάσεις καὶ πληρώνουν τοὺς ἐργάτες μὲ ἡμερομίσθια πείνας. Οἱ καπνεργάτες, οἱ ὑφαντουργοὶ καὶ οἱ μεταλλωρύχοι διαμαρτύρονται ἔντονα.

ΟΙ ΥΠΑΛΛΗΛΟΙ ΤΟΥ Ε. ΣΤΑΥΡΟΣ

Οἱ ἐργοδότες παραβιάζουν τὶς συλλογικὲς συμβάσεις καὶ πληρώνουν τοὺς ἐργάτες μὲ ἡμερομίσθια πείνας. Οἱ καπνεργάτες, οἱ ὑφαντουργοὶ καὶ οἱ μεταλλωρύχοι διαμαρτύρονται ἔντονα.

Ἡ ἑπόμενη
συνάντηση
τῶν Τριῶν
Πρόταση τοῦ Τροῦμαν

ΛΟΝΔΙΝΟ, 4. (Ἰδ. ὑπηρ.) — Ὁ Πρόεδρος Τροῦμαν πρότεινε ἡ ἑπόμενη συνάντηση τῶν Τριῶν νὰ γίνει στὴν Οὐάσιγκτον.

Παλλαϊκὴ
συγκέντρωση
στὴν Καβάλλα

ΘΕΣΣΑΛΟΝΙΚΗ, 4. (Τοῦ ἀνταποκριτῆ μας). — Μεγάλη λαϊκὴ συγκέντρωση ἔγινε στὴν Καβάλλα μὲ συμμετοχὴ πάνω ἀπὸ 10 χιλιάδες λαοῦ.

Καταδίκη
συνταγματάρχη χωροφυλακής

ΘΕΣΣΑΛΟΝΙΚΗ, 4. (Τοῦ ἀνταποκριτῆ μας). — Μεγάλη λαϊκὴ συγκέντρωση ἔγινε στὴν Καβάλλα μὲ συμμετοχὴ πάνω ἀπὸ 10 χιλιάδες λαοῦ.
